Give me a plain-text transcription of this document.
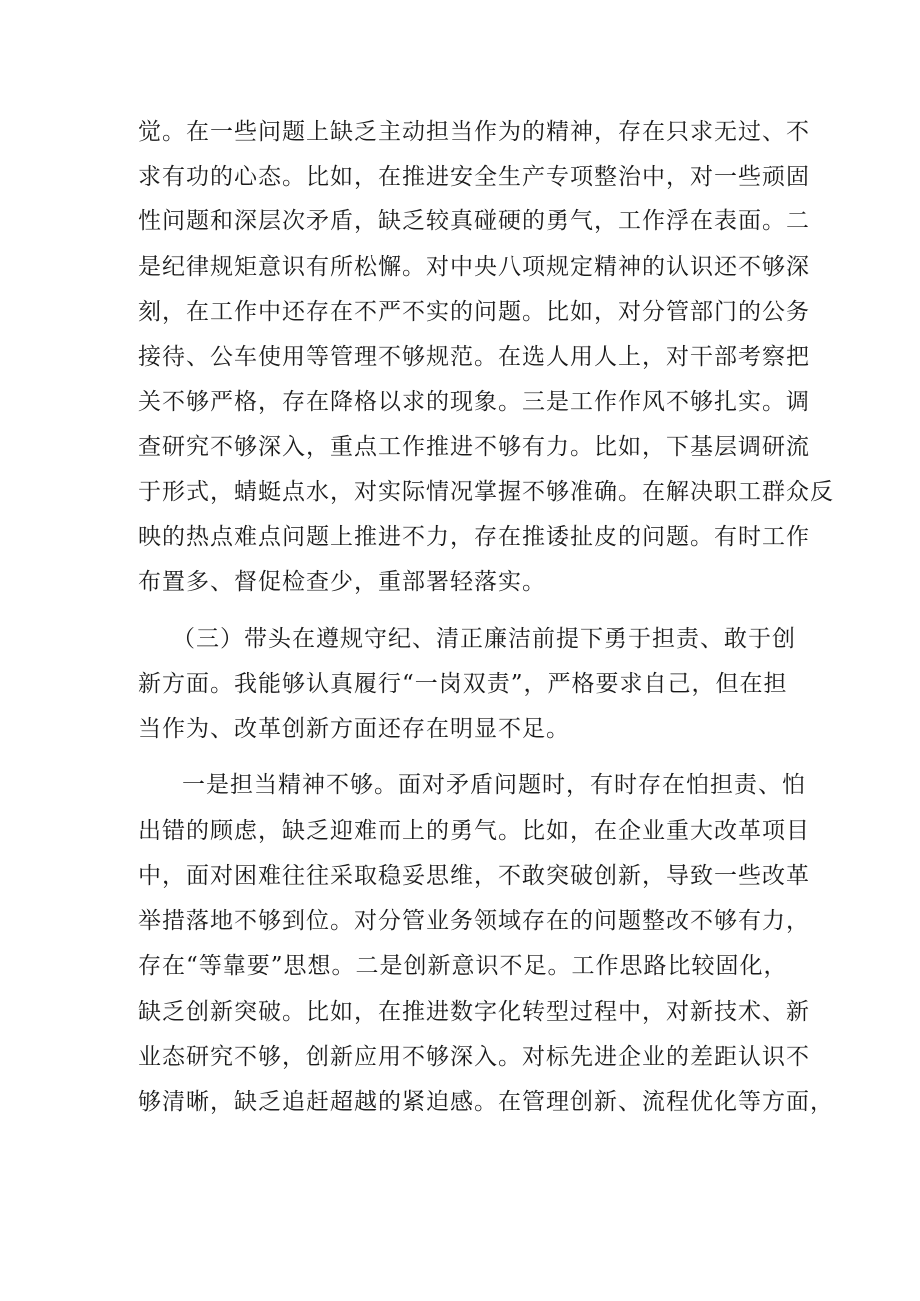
觉。在一些问题上缺乏主动担当作为的精神，存在只求无过、不
求有功的心态。比如，在推进安全生产专项整治中，对一些顽固
性问题和深层次矛盾，缺乏较真碰硬的勇气，工作浮在表面。二
是纪律规矩意识有所松懈。对中央八项规定精神的认识还不够深
刻，在工作中还存在不严不实的问题。比如，对分管部门的公务
接待、公车使用等管理不够规范。在选人用人上，对干部考察把
关不够严格，存在降格以求的现象。三是工作作风不够扎实。调
查研究不够深入，重点工作推进不够有力。比如，下基层调研流
于形式，蜻蜓点水，对实际情况掌握不够准确。在解决职工群众反
映的热点难点问题上推进不力，存在推诿扯皮的问题。有时工作
布置多、督促检查少，重部署轻落实。
（三）带头在遵规守纪、清正廉洁前提下勇于担责、敢于创
新方面。我能够认真履行“一岗双责”，严格要求自己，但在担
当作为、改革创新方面还存在明显不足。
一是担当精神不够。面对矛盾问题时，有时存在怕担责、怕
出错的顾虑，缺乏迎难而上的勇气。比如，在企业重大改革项目
中，面对困难往往采取稳妥思维，不敢突破创新，导致一些改革
举措落地不够到位。对分管业务领域存在的问题整改不够有力，
存在“等靠要”思想。二是创新意识不足。工作思路比较固化，
缺乏创新突破。比如，在推进数字化转型过程中，对新技术、新
业态研究不够，创新应用不够深入。对标先进企业的差距认识不
够清晰，缺乏追赶超越的紧迫感。在管理创新、流程优化等方面，
